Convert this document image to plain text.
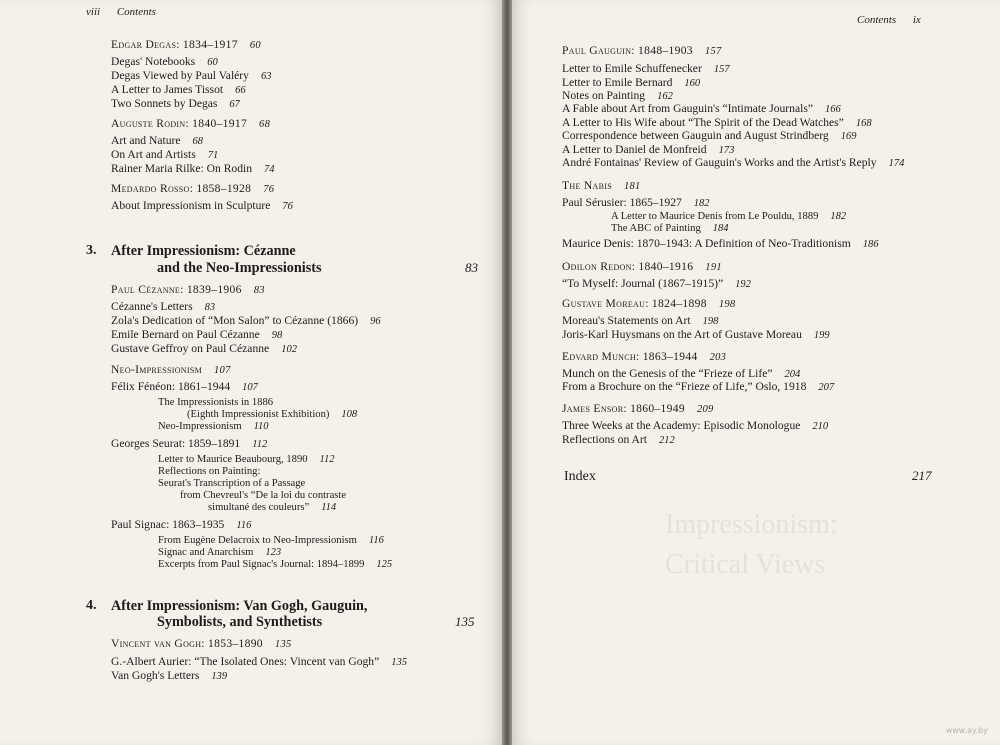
viii Contents
Edgar Degas: 1834–1917 60
Degas' Notebooks 60
Degas Viewed by Paul Valéry 63
A Letter to James Tissot 66
Two Sonnets by Degas 67
Auguste Rodin: 1840–1917 68
Art and Nature 68
On Art and Artists 71
Rainer Maria Rilke: On Rodin 74
Medardo Rosso: 1858–1928 76
About Impressionism in Sculpture 76
3. After Impressionism: Cézanne
and the Neo-Impressionists	83
Paul Cézanne: 1839–1906 83
Cézanne's Letters 83
Zola's Dedication of “Mon Salon” to Cézanne (1866) 96
Emile Bernard on Paul Cézanne 98
Gustave Geffroy on Paul Cézanne 102
Neo-Impressionism 107
Félix Fénéon: 1861–1944 107
The Impressionists in 1886
(Eighth Impressionist Exhibition) 108
Neo-Impressionism 110
Georges Seurat: 1859–1891 112
Letter to Maurice Beaubourg, 1890 112
Reflections on Painting:
Seurat's Transcription of a Passage
from Chevreul's “De la loi du contraste
simultané des couleurs” 114
Paul Signac: 1863–1935 116
From Eugène Delacroix to Neo-Impressionism 116
Signac and Anarchism 123
Excerpts from Paul Signac's Journal: 1894–1899 125
4. After Impressionism: Van Gogh, Gauguin,
Symbolists, and Synthetists	135
Vincent van Gogh: 1853–1890 135
G.-Albert Aurier: “The Isolated Ones: Vincent van Gogh” 135
Van Gogh's Letters 139
Contents ix
Paul Gauguin: 1848–1903 157
Letter to Emile Schuffenecker 157
Letter to Emile Bernard 160
Notes on Painting 162
A Fable about Art from Gauguin's “Intimate Journals” 166
A Letter to His Wife about “The Spirit of the Dead Watches” 168
Correspondence between Gauguin and August Strindberg 169
A Letter to Daniel de Monfreid 173
André Fontainas' Review of Gauguin's Works and the Artist's Reply 174
The Nabis 181
Paul Sérusier: 1865–1927 182
A Letter to Maurice Denis from Le Pouldu, 1889 182
The ABC of Painting 184
Maurice Denis: 1870–1943: A Definition of Neo-Traditionism 186
Odilon Redon: 1840–1916 191
“To Myself: Journal (1867–1915)” 192
Gustave Moreau: 1824–1898 198
Moreau's Statements on Art 198
Joris-Karl Huysmans on the Art of Gustave Moreau 199
Edvard Munch: 1863–1944 203
Munch on the Genesis of the “Frieze of Life” 204
From a Brochure on the “Frieze of Life,” Oslo, 1918 207
James Ensor: 1860–1949 209
Three Weeks at the Academy: Episodic Monologue 210
Reflections on Art 212
Index	217
www.ay.by
